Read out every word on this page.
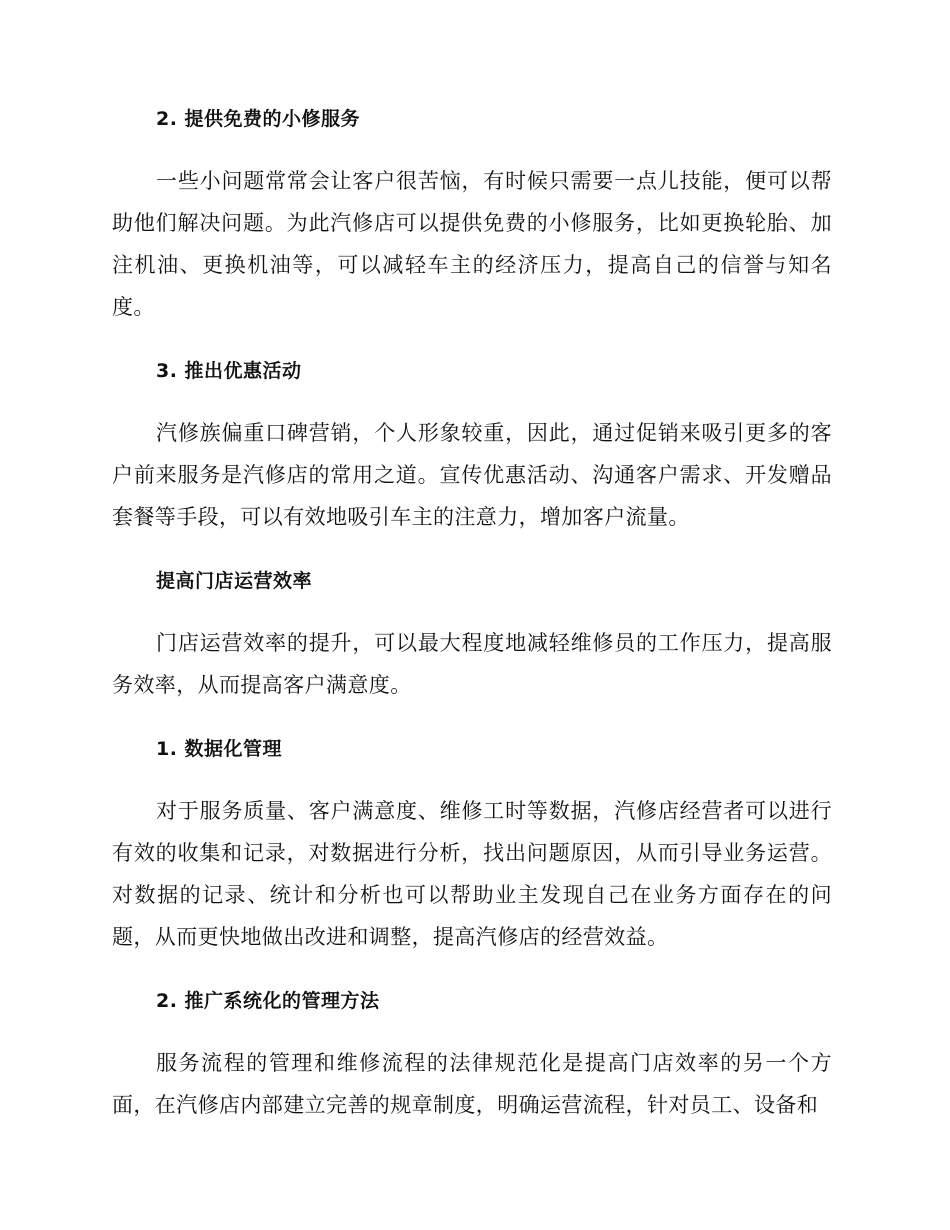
2. 提供免费的小修服务

一些小问题常常会让客户很苦恼，有时候只需要一点儿技能，便可以帮助他们解决问题。为此汽修店可以提供免费的小修服务，比如更换轮胎、加注机油、更换机油等，可以减轻车主的经济压力，提高自己的信誉与知名度。

3. 推出优惠活动

汽修族偏重口碑营销，个人形象较重，因此，通过促销来吸引更多的客户前来服务是汽修店的常用之道。宣传优惠活动、沟通客户需求、开发赠品套餐等手段，可以有效地吸引车主的注意力，增加客户流量。

提高门店运营效率

门店运营效率的提升，可以最大程度地减轻维修员的工作压力，提高服务效率，从而提高客户满意度。

1. 数据化管理

对于服务质量、客户满意度、维修工时等数据，汽修店经营者可以进行有效的收集和记录，对数据进行分析，找出问题原因，从而引导业务运营。对数据的记录、统计和分析也可以帮助业主发现自己在业务方面存在的问题，从而更快地做出改进和调整，提高汽修店的经营效益。

2. 推广系统化的管理方法

服务流程的管理和维修流程的法律规范化是提高门店效率的另一个方面，在汽修店内部建立完善的规章制度，明确运营流程，针对员工、设备和
